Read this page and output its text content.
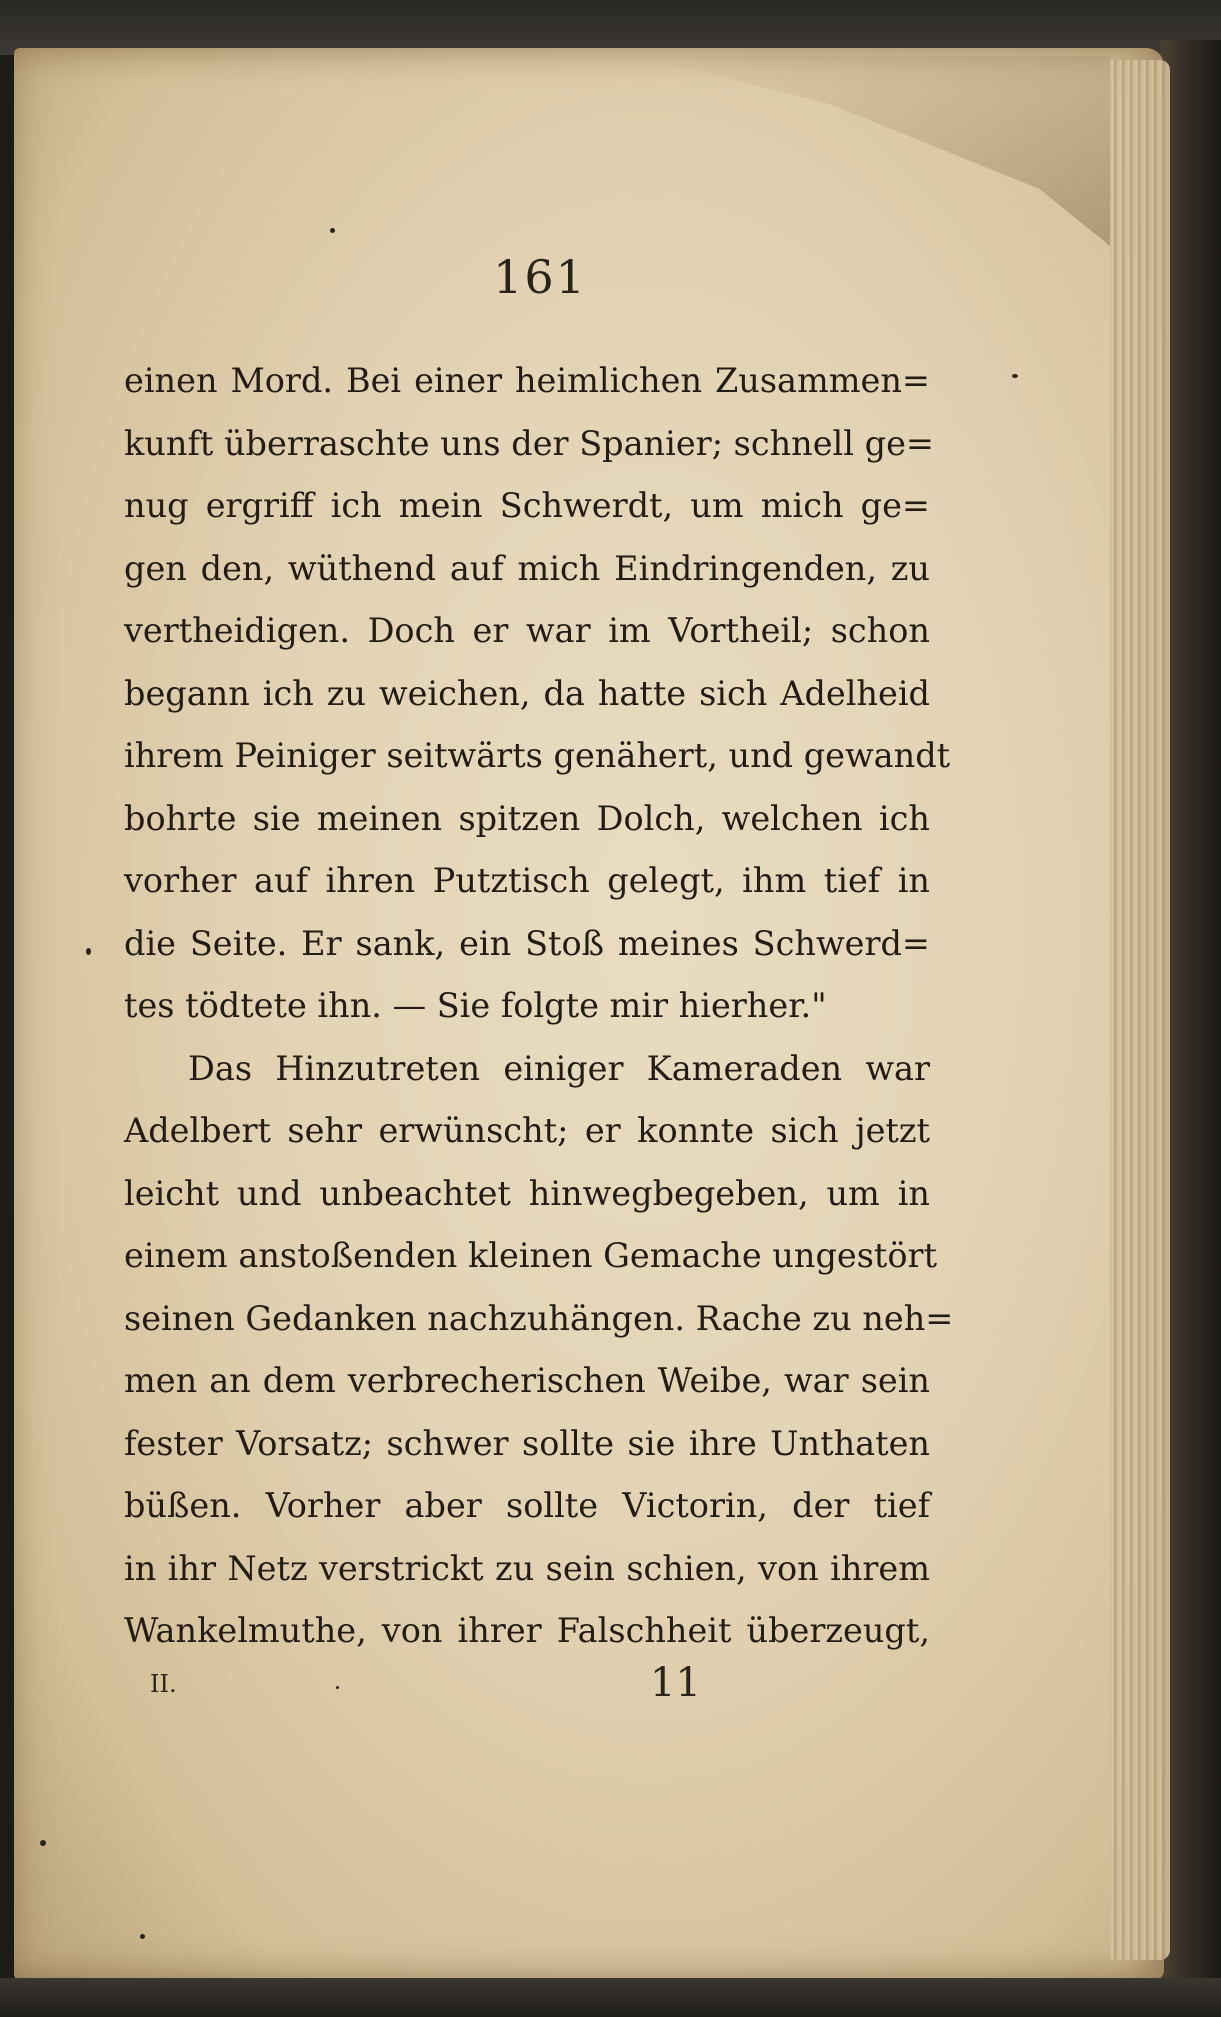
161
einen Mord. Bei einer heimlichen Zusammen=
kunft überraschte uns der Spanier; schnell ge=
nug ergriff ich mein Schwerdt, um mich ge=
gen den, wüthend auf mich Eindringenden, zu
vertheidigen. Doch er war im Vortheil; schon
begann ich zu weichen, da hatte sich Adelheid
ihrem Peiniger seitwärts genähert, und gewandt
bohrte sie meinen spitzen Dolch, welchen ich
vorher auf ihren Putztisch gelegt, ihm tief in
die Seite. Er sank, ein Stoß meines Schwerd=
tes tödtete ihn. — Sie folgte mir hierher."
Das Hinzutreten einiger Kameraden war
Adelbert sehr erwünscht; er konnte sich jetzt
leicht und unbeachtet hinwegbegeben, um in
einem anstoßenden kleinen Gemache ungestört
seinen Gedanken nachzuhängen. Rache zu neh=
men an dem verbrecherischen Weibe, war sein
fester Vorsatz; schwer sollte sie ihre Unthaten
büßen. Vorher aber sollte Victorin, der tief
in ihr Netz verstrickt zu sein schien, von ihrem
Wankelmuthe, von ihrer Falschheit überzeugt,
II.	11
